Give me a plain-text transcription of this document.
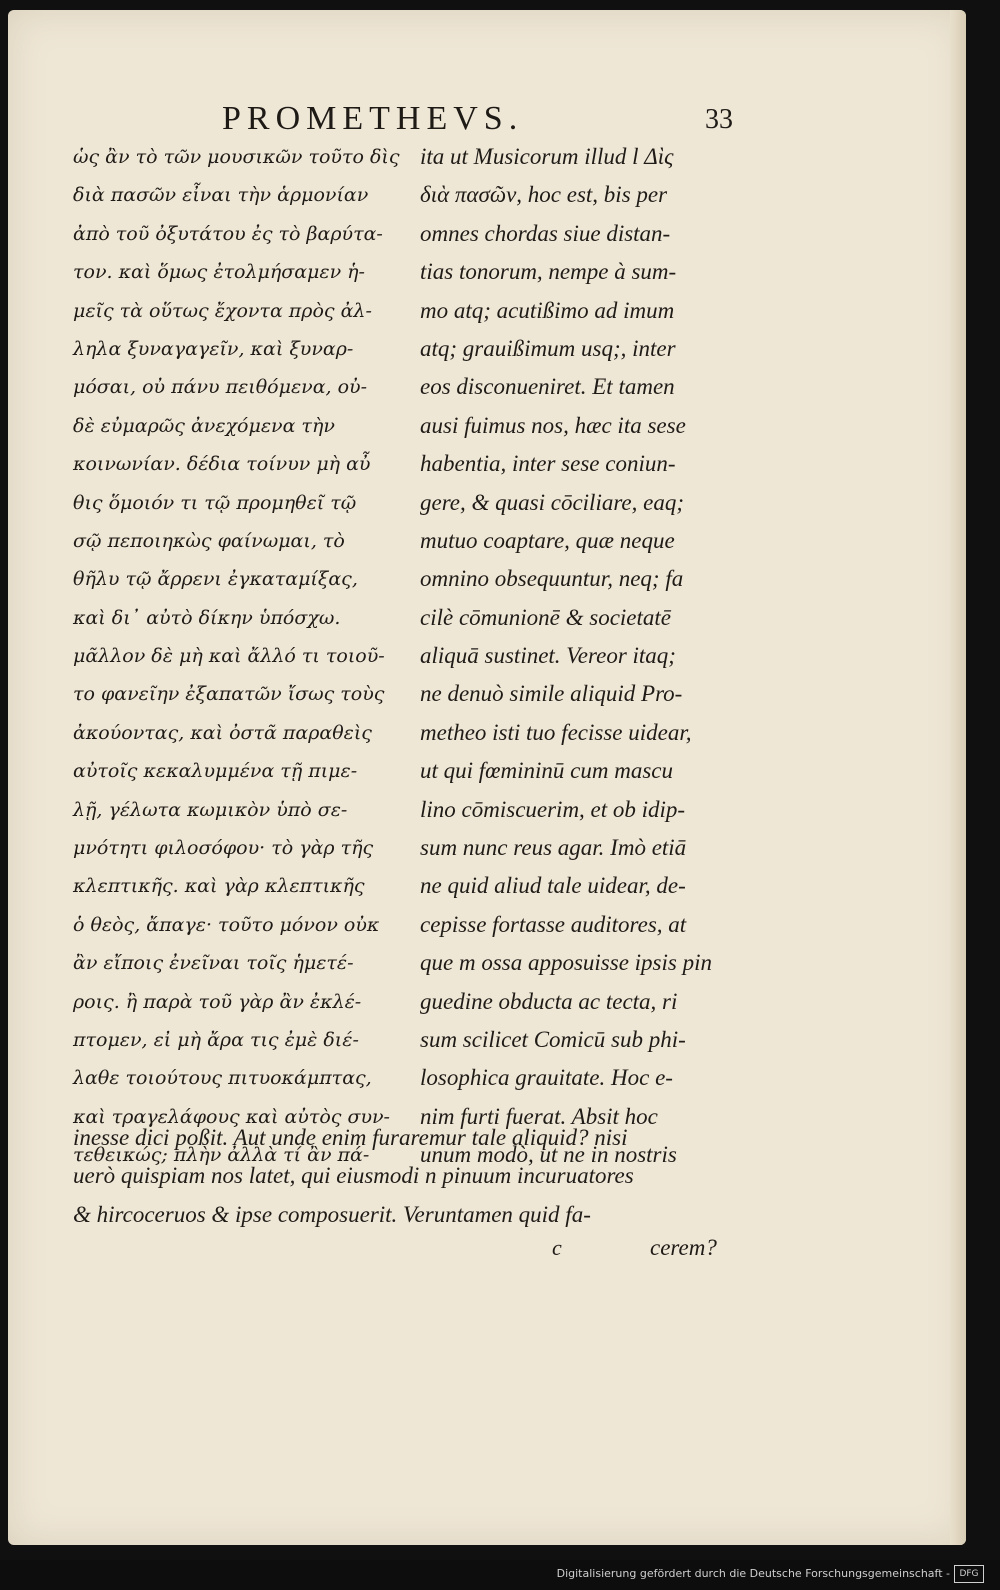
PROMETHEVS.	33
ὡς ἂν τὸ τῶν μουσικῶν τοῦτο δὶς
διὰ πασῶν εἶναι τὴν ἁρμονίαν
ἀπὸ τοῦ ὀξυτάτου ἐς τὸ βαρύτα-
τον. καὶ ὅμως ἐτολμήσαμεν ἡ-
μεῖς τὰ οὕτως ἔχοντα πρὸς ἀλ-
ληλα ξυναγαγεῖν, καὶ ξυναρ-
μόσαι, οὐ πάνυ πειθόμενα, οὐ-
δὲ εὐμαρῶς ἀνεχόμενα τὴν
κοινωνίαν. δέδια τοίνυν μὴ αὖ
θις ὅμοιόν τι τῷ προμηθεῖ τῷ
σῷ πεποιηκὼς φαίνωμαι, τὸ
θῆλυ τῷ ἄρρενι ἐγκαταμίξας,
καὶ δι᾽ αὐτὸ δίκην ὑπόσχω.
μᾶλλον δὲ μὴ καὶ ἄλλό τι τοιοῦ-
το φανεῖην ἐξαπατῶν ἴσως τοὺς
ἀκούοντας, καὶ ὀστᾶ παραθεὶς
αὐτοῖς κεκαλυμμένα τῇ πιμε-
λῇ, γέλωτα κωμικὸν ὑπὸ σε-
μνότητι φιλοσόφου· τὸ γὰρ τῆς
κλεπτικῆς. καὶ γὰρ κλεπτικῆς
ὁ θεὸς, ἄπαγε· τοῦτο μόνον οὐκ
ἂν εἴποις ἐνεῖναι τοῖς ἡμετέ-
ροις. ἢ παρὰ τοῦ γὰρ ἂν ἐκλέ-
πτομεν, εἰ μὴ ἄρα τις ἐμὲ διέ-
λαθε τοιούτους πιτυοκάμπτας,
καὶ τραγελάφους καὶ αὐτὸς συν-
τεθεικώς; πλὴν ἀλλὰ τί ἂν πά-
ita ut Musicorum illud l Δὶς
διὰ πασῶν, hoc est, bis per
omnes chordas siue distan-
tias tonorum, nempe à sum-
mo atq; acutißimo ad imum
atq; grauißimum usq;, inter
eos disconueniret. Et tamen
ausi fuimus nos, hæc ita sese
habentia, inter sese coniun-
gere, & quasi cōciliare, eaq;
mutuo coaptare, quæ neque
omnino obsequuntur, neq; fa
cilè cōmunionē & societatē
aliquā sustinet. Vereor itaq;
ne denuò simile aliquid Pro-
metheo isti tuo fecisse uidear,
ut qui fœmininū cum mascu
lino cōmiscuerim, et ob idip-
sum nunc reus agar. Imò etiā
ne quid aliud tale uidear, de-
cepisse fortasse auditores, at
que m ossa apposuisse ipsis pin
guedine obducta ac tecta, ri
sum scilicet Comicū sub phi-
losophica grauitate. Hoc e-
nim furti fuerat. Absit hoc
unum modò, ut ne in nostris
inesse dici poßit. Aut unde enim furaremur tale aliquid? nisi
uerò quispiam nos latet, qui eiusmodi n pinuum incuruatores
& hircoceruos & ipse composuerit. Veruntamen quid fa-
c	cerem?
Digitalisierung gefördert durch die Deutsche Forschungsgemeinschaft -	DFG
